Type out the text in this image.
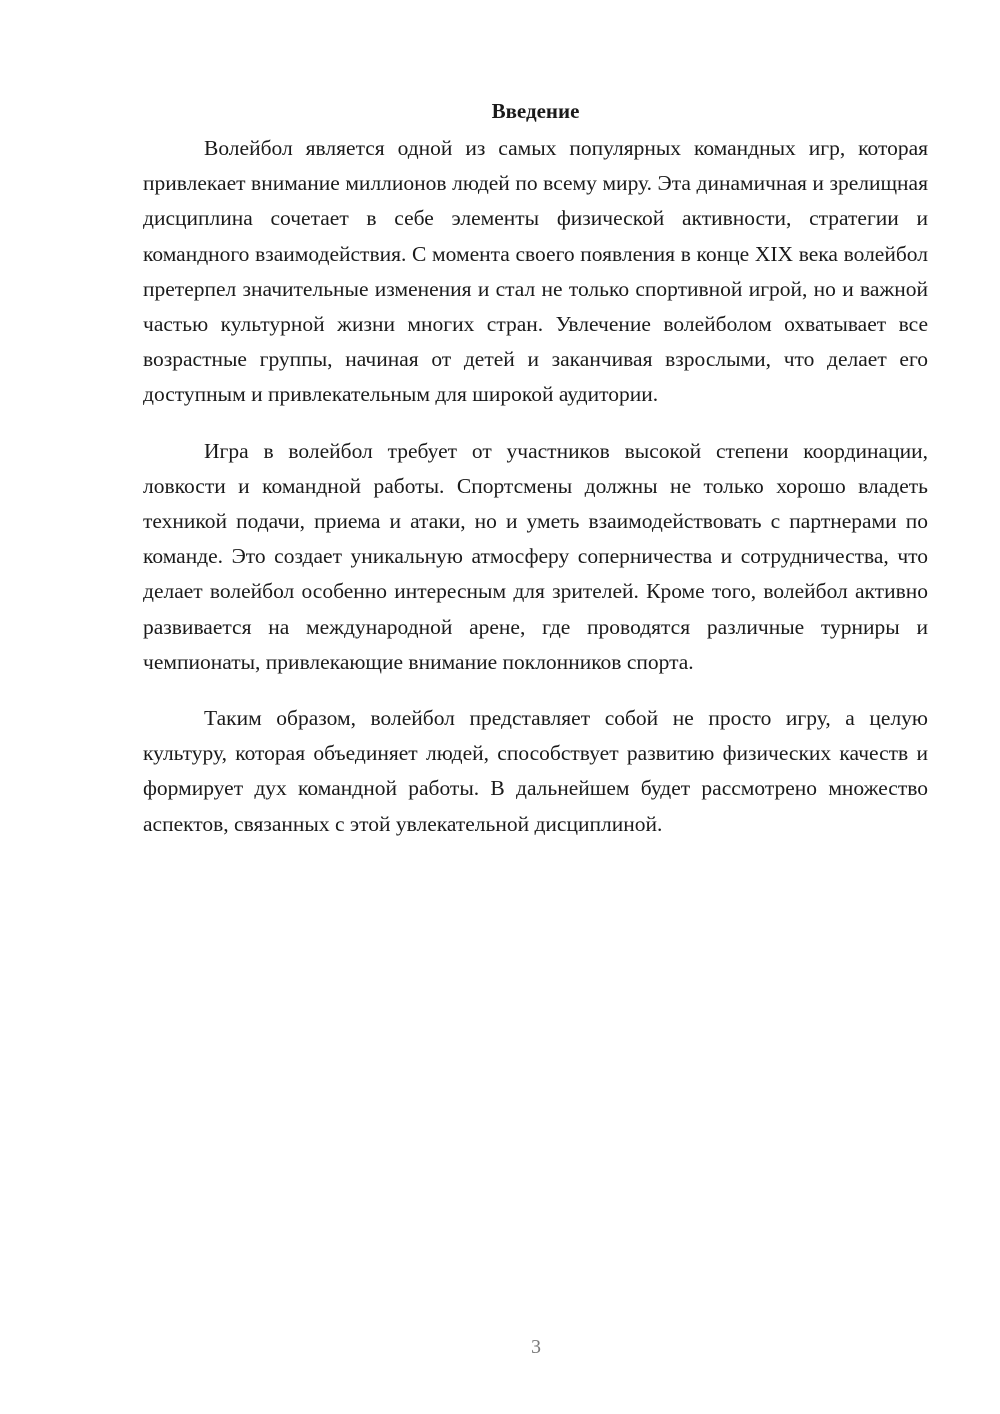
Введение

Волейбол является одной из самых популярных командных игр, которая привлекает внимание миллионов людей по всему миру. Эта динамичная и зрелищная дисциплина сочетает в себе элементы физической активности, стратегии и командного взаимодействия. С момента своего появления в конце XIX века волейбол претерпел значительные изменения и стал не только спортивной игрой, но и важной частью культурной жизни многих стран. Увлечение волейболом охватывает все возрастные группы, начиная от детей и заканчивая взрослыми, что делает его доступным и привлекательным для широкой аудитории.

Игра в волейбол требует от участников высокой степени координации, ловкости и командной работы. Спортсмены должны не только хорошо владеть техникой подачи, приема и атаки, но и уметь взаимодействовать с партнерами по команде. Это создает уникальную атмосферу соперничества и сотрудничества, что делает волейбол особенно интересным для зрителей. Кроме того, волейбол активно развивается на международной арене, где проводятся различные турниры и чемпионаты, привлекающие внимание поклонников спорта.

Таким образом, волейбол представляет собой не просто игру, а целую культуру, которая объединяет людей, способствует развитию физических качеств и формирует дух командной работы. В дальнейшем будет рассмотрено множество аспектов, связанных с этой увлекательной дисциплиной.

3
